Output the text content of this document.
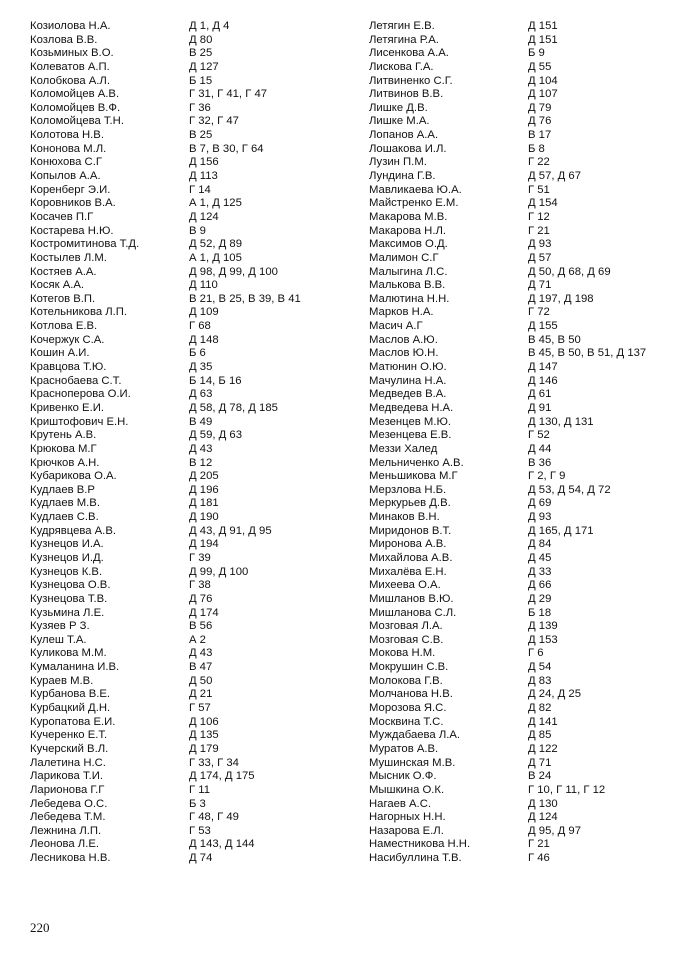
Козиолова Н.А.	Д 1, Д 4
Козлова В.В.	Д 80
Козьминых В.О.	В 25
Колеватов А.П.	Д 127
Колобкова А.Л.	Б 15
Коломойцев А.В.	Г 31, Г 41, Г 47
Коломойцев В.Ф.	Г 36
Коломойцева Т.Н.	Г 32, Г 47
Колотова Н.В.	В 25
Кононова М.Л.	В 7, В 30, Г 64
Конюхова С.Г	Д 156
Копылов А.А.	Д 113
Коренберг Э.И.	Г 14
Коровников В.А.	А 1, Д 125
Косачев П.Г	Д 124
Костарева Н.Ю.	В 9
Костромитинова Т.Д.	Д 52, Д 89
Костылев Л.М.	А 1, Д 105
Костяев А.А.	Д 98, Д 99, Д 100
Косяк А.А.	Д 110
Котегов В.П.	В 21, В 25, В 39, В 41
Котельникова Л.П.	Д 109
Котлова Е.В.	Г 68
Кочержук С.А.	Д 148
Кошин А.И.	Б 6
Кравцова Т.Ю.	Д 35
Краснобаева С.Т.	Б 14, Б 16
Красноперова О.И.	Д 63
Кривенко Е.И.	Д 58, Д 78, Д 185
Криштофович Е.Н.	В 49
Крутень А.В.	Д 59, Д 63
Крюкова М.Г	Д 43
Крючков А.Н.	В 12
Кубарикова О.А.	Д 205
Кудлаев В.Р	Д 196
Кудлаев М.В.	Д 181
Кудлаев С.В.	Д 190
Кудрявцева А.В.	Д 43, Д 91, Д 95
Кузнецов И.А.	Д 194
Кузнецов И.Д.	Г 39
Кузнецов К.В.	Д 99, Д 100
Кузнецова О.В.	Г 38
Кузнецова Т.В.	Д 76
Кузьмина Л.Е.	Д 174
Кузяев Р З.	В 56
Кулеш Т.А.	А 2
Куликова М.М.	Д 43
Кумаланина И.В.	В 47
Кураев М.В.	Д 50
Курбанова В.Е.	Д 21
Курбацкий Д.Н.	Г 57
Куропатова Е.И.	Д 106
Кучеренко Е.Т.	Д 135
Кучерский В.Л.	Д 179
Лалетина Н.С.	Г 33, Г 34
Ларикова Т.И.	Д 174, Д 175
Ларионова Г.Г	Г 11
Лебедева О.С.	Б 3
Лебедева Т.М.	Г 48, Г 49
Лежнина Л.П.	Г 53
Леонова Л.Е.	Д 143, Д 144
Лесникова Н.В.	Д 74
Летягин Е.В.	Д 151
Летягина Р.А.	Д 151
Лисенкова А.А.	Б 9
Лискова Г.А.	Д 55
Литвиненко С.Г.	Д 104
Литвинов В.В.	Д 107
Лишке Д.В.	Д 79
Лишке М.А.	Д 76
Лопанов А.А.	В 17
Лошакова И.Л.	Б 8
Лузин П.М.	Г 22
Лундина Г.В.	Д 57, Д 67
Мавликаева Ю.А.	Г 51
Майстренко Е.М.	Д 154
Макарова М.В.	Г 12
Макарова Н.Л.	Г 21
Максимов О.Д.	Д 93
Малимон С.Г	Д 57
Малыгина Л.С.	Д 50, Д 68, Д 69
Малькова В.В.	Д 71
Малютина Н.Н.	Д 197, Д 198
Марков Н.А.	Г 72
Масич А.Г	Д 155
Маслов А.Ю.	В 45, В 50
Маслов Ю.Н.	В 45, В 50, В 51, Д 137
Матюнин О.Ю.	Д 147
Мачулина Н.А.	Д 146
Медведев В.А.	Д 61
Медведева Н.А.	Д 91
Мезенцев М.Ю.	Д 130, Д 131
Мезенцева Е.В.	Г 52
Меззи Халед	Д 44
Мельниченко А.В.	В 36
Меньшикова М.Г	Г 2, Г 9
Мерзлова Н.Б.	Д 53, Д 54, Д 72
Меркурьев Д.В.	Д 69
Минаков В.Н.	Д 93
Миридонов В.Т.	Д 165, Д 171
Миронова А.В.	Д 84
Михайлова А.В.	Д 45
Михалёва Е.Н.	Д 33
Михеева О.А.	Д 66
Мишланов В.Ю.	Д 29
Мишланова С.Л.	Б 18
Мозговая Л.А.	Д 139
Мозговая С.В.	Д 153
Мокова Н.М.	Г 6
Мокрушин С.В.	Д 54
Молокова Г.В.	Д 83
Молчанова Н.В.	Д 24, Д 25
Морозова Я.С.	Д 82
Москвина Т.С.	Д 141
Муждабаева Л.А.	Д 85
Муратов А.В.	Д 122
Мушинская М.В.	Д 71
Мысник О.Ф.	В 24
Мышкина О.К.	Г 10, Г 11, Г 12
Нагаев А.С.	Д 130
Нагорных Н.Н.	Д 124
Назарова Е.Л.	Д 95, Д 97
Наместникова Н.Н.	Г 21
Насибуллина Т.В.	Г 46
220
